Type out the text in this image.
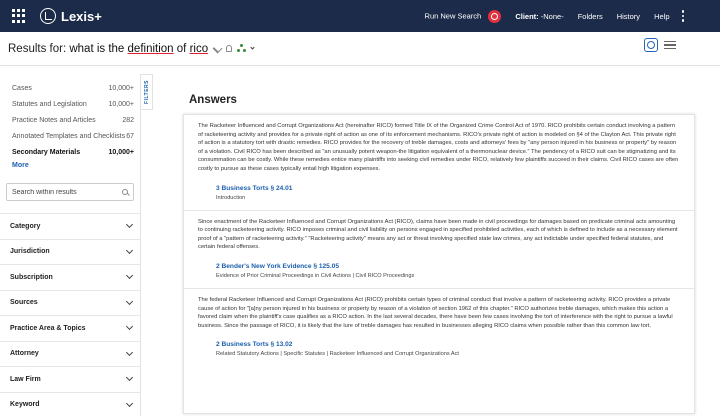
Lexis+	Run New Search	Client: -None- Folders History Help
Results for: what is the definition of rico
Cases	10,000+
Statutes and Legislation	10,000+
Practice Notes and Articles	282
Annotated Templates and Checklists 67
Secondary Materials	10,000+
More
Search within results
Category
Jurisdiction
Subscription
Sources
Practice Area & Topics
Attorney
Law Firm
Keyword
FILTERS	Answers

The Racketeer Influenced and Corrupt Organizations Act (hereinafter RICO) formed Title IX of the Organized Crime Control Act of 1970. RICO prohibits certain conduct involving a pattern of racketeering activity and provides for a private right of action as one of its enforcement mechanisms. RICO's private right of action is modeled on §4 of the Clayton Act. This private right of action is a statutory tort with drastic remedies. RICO provides for the recovery of treble damages, costs and attorneys' fees by "any person injured in his business or property" by reason of a violation. Civil RICO has been described as "an unusually potent weapon-the litigation equivalent of a thermonuclear device." The pendency of a RICO suit can be stigmatizing and its consummation can be costly. While these remedies entice many plaintiffs into seeking civil remedies under RICO, relatively few plaintiffs succeed in their claims. Civil RICO cases are often costly to pursue as these cases typically entail high litigation expenses.

3 Business Torts § 24.01
Introduction

Since enactment of the Racketeer Influenced and Corrupt Organizations Act (RICO), claims have been made in civil proceedings for damages based on predicate criminal acts amounting to continuing racketeering activity. RICO imposes criminal and civil liability on persons engaged in specified prohibited activities, each of which is defined to include as a necessary element proof of a "pattern of racketeering activity." "Racketeering activity" means any act or threat involving specified state law crimes, any act indictable under specified federal statutes, and certain federal offenses.

2 Bender's New York Evidence § 125.05
Evidence of Prior Criminal Proceedings in Civil Actions | Civil RICO Proceedings

The federal Racketeer Influenced and Corrupt Organizations Act (RICO) prohibits certain types of criminal conduct that involve a pattern of racketeering activity. RICO provides a private cause of action for "[a]ny person injured in his business or property by reason of a violation of section 1962 of this chapter." RICO authorizes treble damages, which makes this action a favored claim when the plaintiff's case qualifies as a RICO action. In the last several decades, there have been few cases involving the tort of interference with the right to pursue a lawful business. Since the passage of RICO, it is likely that the lure of treble damages has resulted in businesses alleging RICO claims when possible rather than this common law tort.

2 Business Torts § 13.02
Related Statutory Actions | Specific Statutes | Racketeer Influenced and Corrupt Organizations Act
